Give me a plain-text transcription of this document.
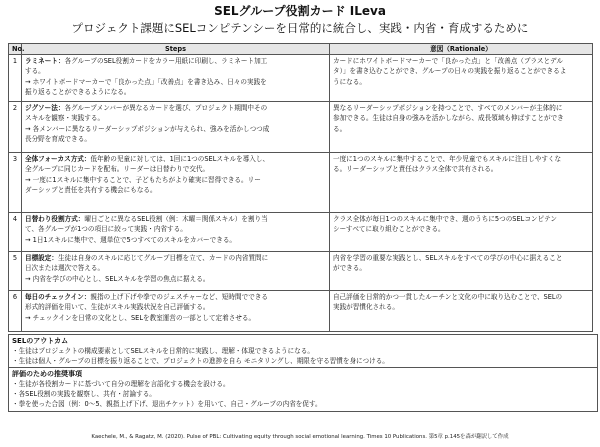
SELグループ役割カード ILeva
プロジェクト課題にSELコンピテンシーを日常的に統合し、実践・内省・育成するために
No.	Steps	意図（Rationale）
1	ラミネート：各グループのSEL役割カードをカラー用紙に印刷し、ラミネート加工
する。
→ ホワイトボードマーカーで「良かった点」「改善点」を書き込み、日々の実践を
振り返ることができるようになる。	カードにホワイトボードマーカーで「良かった点」と「改善点（プラスとデル
タ）」を書き込むことができ、グループの日々の実践を振り返ることができるよ
うになる。

2	ジグソー法：各グループメンバーが異なるカードを選び、プロジェクト期間中その
スキルを観察・実践する。
→ 各メンバーに異なるリーダーシップポジションが与えられ、強みを活かしつつ成
長分野を育成できる。	異なるリーダーシップポジションを持つことで、すべてのメンバーが主体的に
参加できる。生徒は自身の強みを活かしながら、成長領域も伸ばすことができ
る。

3	全体フォーカス方式：低年齢の児童に対しては、1回に1つのSELスキルを導入し、
全グループに同じカードを配布。リーダーは日替わりで交代。
→ 一度に1スキルに集中することで、子どもたちがより確実に習得できる。リー
ダーシップと責任を共有する機会にもなる。	一度に1つのスキルに集中することで、年少児童でもスキルに注目しやすくな
る。リーダーシップと責任はクラス全体で共有される。

4	日替わり役割方式：曜日ごとに異なるSEL役割（例：木曜＝関係スキル）を割り当
て、各グループが1つの項目に絞って実践・内省する。
→ 1日1スキルに集中で、週単位で5つすべてのスキルをカバーできる。	クラス全体が毎日1つのスキルに集中でき、週のうちに5つのSELコンピテン
シーすべてに取り組むことができる。

5	目標設定：生徒は自身のスキルに応じてグループ目標を立て、カードの内省質問に
日次または週次で答える。
→ 内省を学びの中心とし、SELスキルを学習の焦点に据える。	内省を学習の重要な実践とし、SELスキルをすべての学びの中心に据えること
ができる。

6	毎日のチェックイン：親指の上げ下げや拳でのジェスチャーなど、短時間でできる
形式的評価を用いて、生徒がスキル実践状況を自己評価する。
→ チェックインを日常の文化とし、SELを教室運営の一部として定着させる。	自己評価を日常的かつ一貫したルーチンと文化の中に取り込むことで、SELの
実践が習慣化される。
SELのアウトカム
・生徒はプロジェクトの構成要素としてSELスキルを日常的に実践し、理解・体現できるようになる。
・生徒は個人・グループの目標を振り返ることで、プロジェクトの進捗を自ら モニタリングし、期限を守る習慣を身につける。
評価のための推奨事項
・生徒が各役割カードに基づいて自分の理解を言語化する機会を設ける。
・各SEL役割の実践を観察し、共有・討論する。
・拳を使った合図（例：0〜5、親指上げ下げ、退出チケット）を用いて、自己・グループの内省を促す。
Kaechele, M., & Ragatz, M. (2020). Pulse of PBL: Cultivating equity through social emotional learning. Times 10 Publications. 第5章 p.145を森が翻訳して作成
